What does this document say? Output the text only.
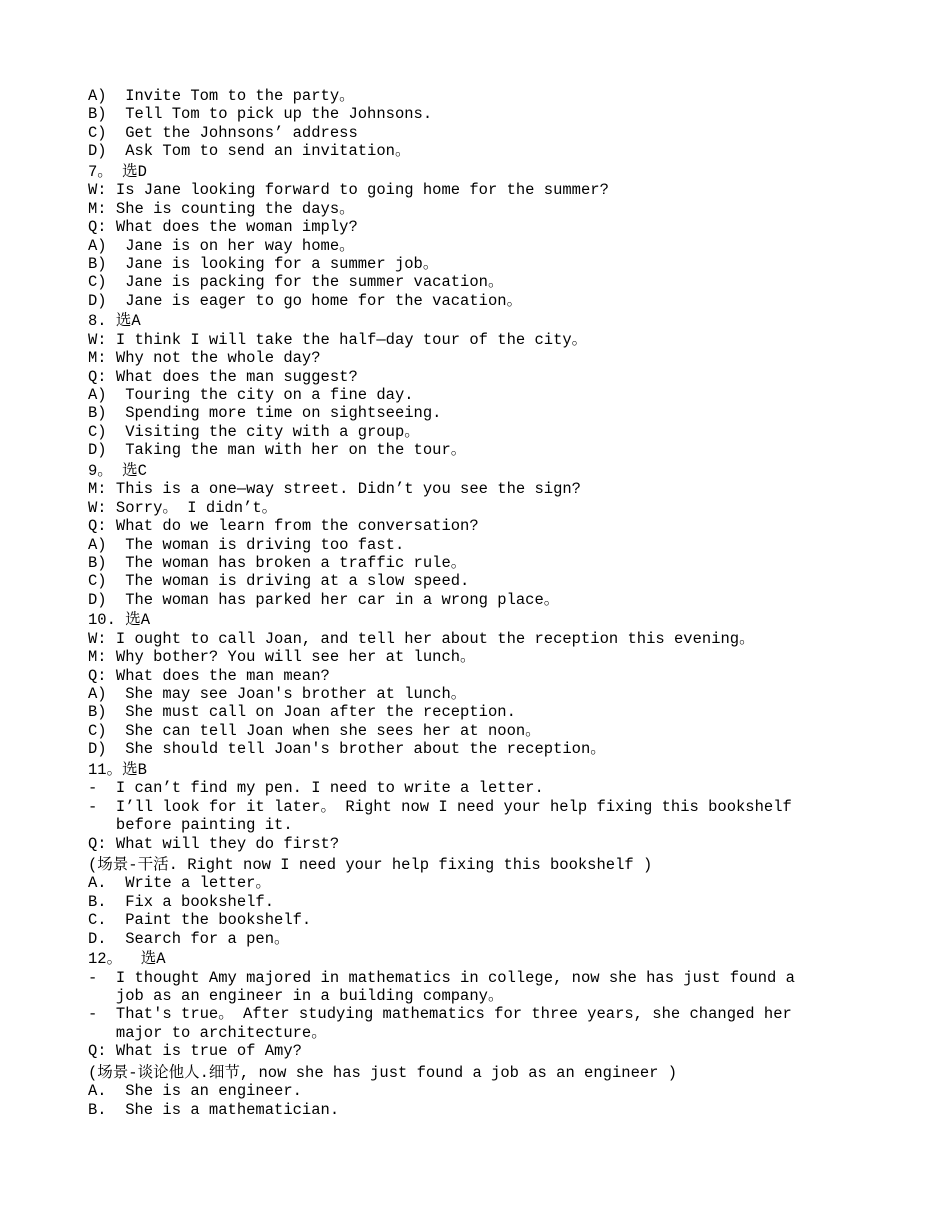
A)  Invite Tom to the party。
B)  Tell Tom to pick up the Johnsons.
C)  Get the Johnsons’ address
D)  Ask Tom to send an invitation。
7。 选D
W: Is Jane looking forward to going home for the summer?
M: She is counting the days。
Q: What does the woman imply?
A)  Jane is on her way home。
B)  Jane is looking for a summer job。
C)  Jane is packing for the summer vacation。
D)  Jane is eager to go home for the vacation。
8. 选A
W: I think I will take the half—day tour of the city。
M: Why not the whole day?
Q: What does the man suggest?
A)  Touring the city on a fine day.
B)  Spending more time on sightseeing.
C)  Visiting the city with a group。
D)  Taking the man with her on the tour。
9。 选C
M: This is a one—way street. Didn’t you see the sign?
W: Sorry。 I didn’t。
Q: What do we learn from the conversation?
A)  The woman is driving too fast.
B)  The woman has broken a traffic rule。
C)  The woman is driving at a slow speed.
D)  The woman has parked her car in a wrong place。
10. 选A
W: I ought to call Joan, and tell her about the reception this evening。
M: Why bother? You will see her at lunch。
Q: What does the man mean?
A)  She may see Joan's brother at lunch。
B)  She must call on Joan after the reception.
C)  She can tell Joan when she sees her at noon。
D)  She should tell Joan's brother about the reception。
11。选B
-  I can’t find my pen. I need to write a letter.
-  I’ll look for it later。 Right now I need your help fixing this bookshelf
before painting it.
Q: What will they do first?
(场景-干活. Right now I need your help fixing this bookshelf )
A.  Write a letter。
B.  Fix a bookshelf.
C.  Paint the bookshelf.
D.  Search for a pen。
12。  选A
-  I thought Amy majored in mathematics in college, now she has just found a
job as an engineer in a building company。
-  That's true。 After studying mathematics for three years, she changed her
major to architecture。
Q: What is true of Amy?
(场景-谈论他人.细节, now she has just found a job as an engineer )
A.  She is an engineer.
B.  She is a mathematician.
